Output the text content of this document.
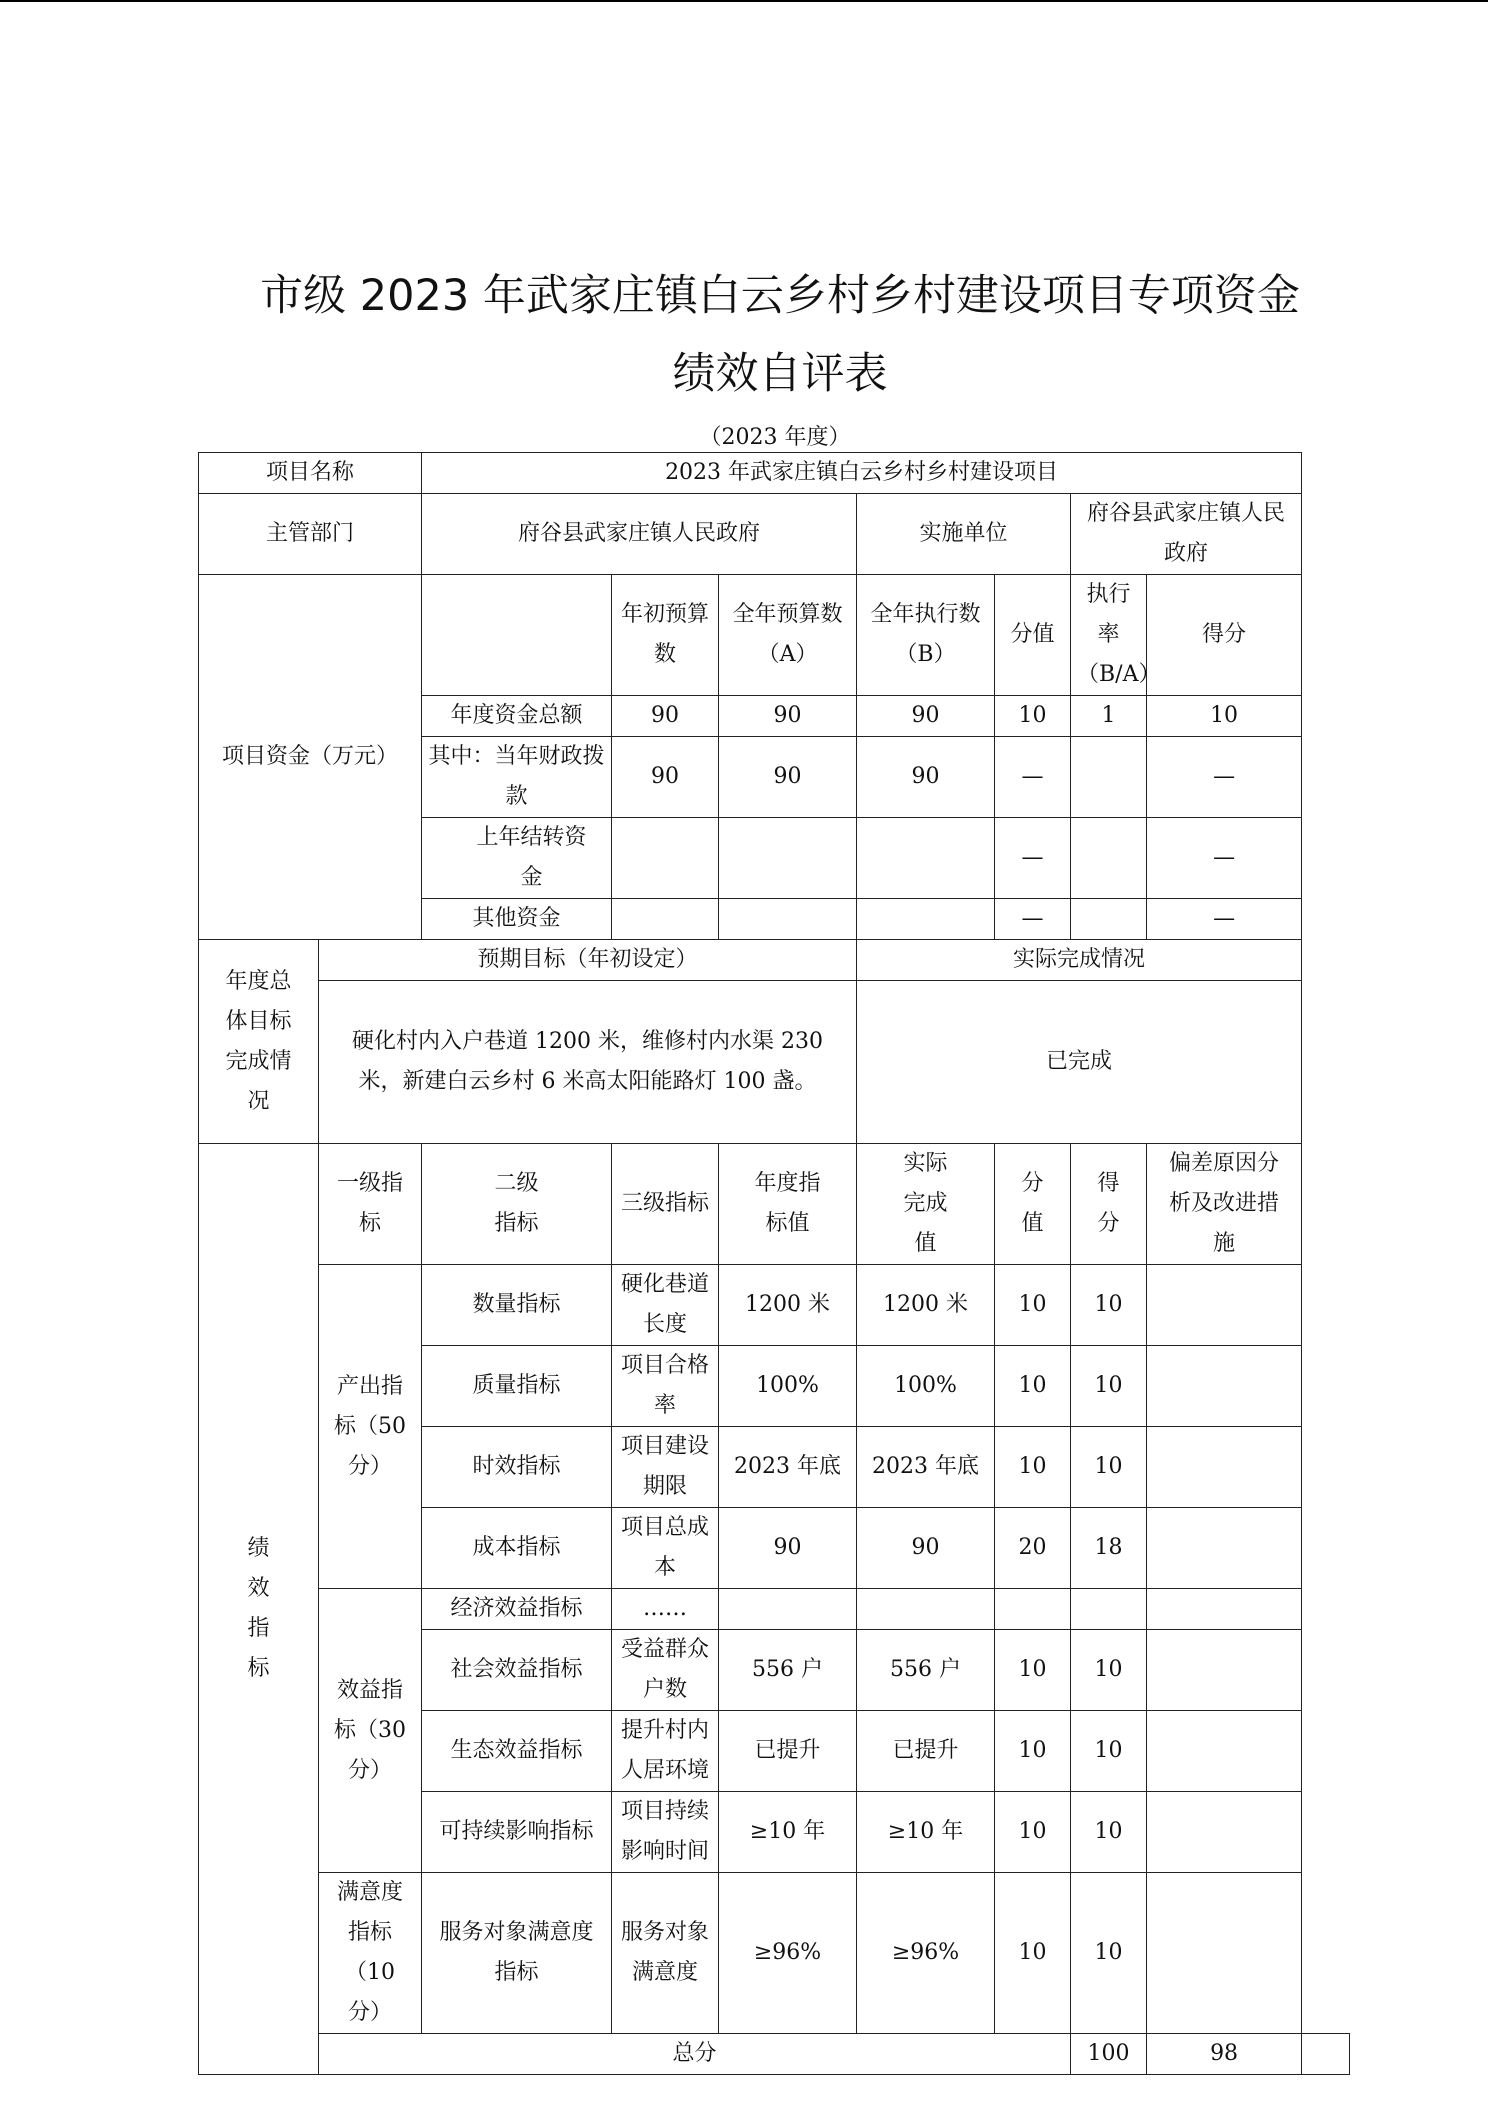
市级 2023 年武家庄镇白云乡村乡村建设项目专项资金
绩效自评表
（2023 年度）
项目名称		2023 年武家庄镇白云乡村乡村建设项目							
主管部门		府谷县武家庄镇人民政府			实施单位		府谷县武家庄镇人民政府		
项目资金（万元）			年初预算数	全年预算数（A）	全年执行数（B）	分值	执行率（B/A）	得分	
		年度资金总额	90	90	90	10	1	10	
		其中：当年财政拨款	90	90	90	—		—	
		上年结转资金				—		—	
		其他资金				—		—	
年度总体目标完成情况	预期目标（年初设定）				实际完成情况				
	硬化村内入户巷道 1200 米，维修村内水渠 230 米，新建白云乡村 6 米高太阳能路灯 100 盏。				已完成				
绩效指标	一级指标	二级指标	三级指标	年度指标值	实际完成值	分值	得分	偏差原因分析及改进措施	
	产出指标（50分）	数量指标	硬化巷道长度	1200 米	1200 米	10	10		
		质量指标	项目合格率	100%	100%	10	10		
		时效指标	项目建设期限	2023 年底	2023 年底	10	10		
		成本指标	项目总成本	90	90	20	18		
	效益指标（30分）	经济效益指标	……						
		社会效益指标	受益群众户数	556 户	556 户	10	10		
		生态效益指标	提升村内人居环境	已提升	已提升	10	10		
		可持续影响指标	项目持续影响时间	≥10 年	≥10 年	10	10		
	满意度指标（10分）	服务对象满意度指标	服务对象满意度	≥96%	≥96%	10	10		
	总分						100	98	
